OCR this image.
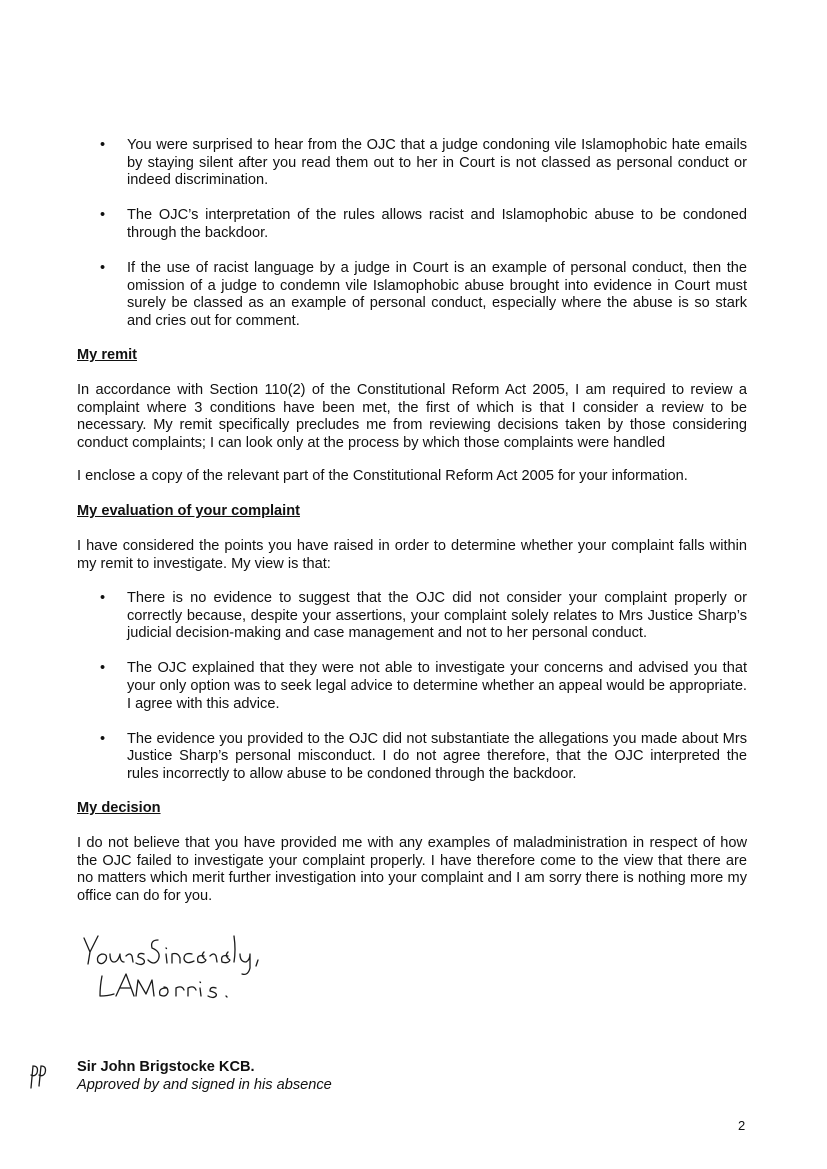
• You were surprised to hear from the OJC that a judge condoning vile Islamophobic hate emails by staying silent after you read them out to her in Court is not classed as personal conduct or indeed discrimination.
• The OJC’s interpretation of the rules allows racist and Islamophobic abuse to be condoned through the backdoor.
• If the use of racist language by a judge in Court is an example of personal conduct, then the omission of a judge to condemn vile Islamophobic abuse brought into evidence in Court must surely be classed as an example of personal conduct, especially where the abuse is so stark and cries out for comment.

My remit

In accordance with Section 110(2) of the Constitutional Reform Act 2005, I am required to review a complaint where 3 conditions have been met, the first of which is that I consider a review to be necessary. My remit specifically precludes me from reviewing decisions taken by those considering conduct complaints; I can look only at the process by which those complaints were handled

I enclose a copy of the relevant part of the Constitutional Reform Act 2005 for your information.

My evaluation of your complaint

I have considered the points you have raised in order to determine whether your complaint falls within my remit to investigate. My view is that:

• There is no evidence to suggest that the OJC did not consider your complaint properly or correctly because, despite your assertions, your complaint solely relates to Mrs Justice Sharp’s judicial decision-making and case management and not to her personal conduct.
• The OJC explained that they were not able to investigate your concerns and advised you that your only option was to seek legal advice to determine whether an appeal would be appropriate. I agree with this advice.
• The evidence you provided to the OJC did not substantiate the allegations you made about Mrs Justice Sharp’s personal misconduct. I do not agree therefore, that the OJC interpreted the rules incorrectly to allow abuse to be condoned through the backdoor.

My decision

I do not believe that you have provided me with any examples of maladministration in respect of how the OJC failed to investigate your complaint properly. I have therefore come to the view that there are no matters which merit further investigation into your complaint and I am sorry there is nothing more my office can do for you.

Sir John Brigstocke KCB.
Approved by and signed in his absence
2
